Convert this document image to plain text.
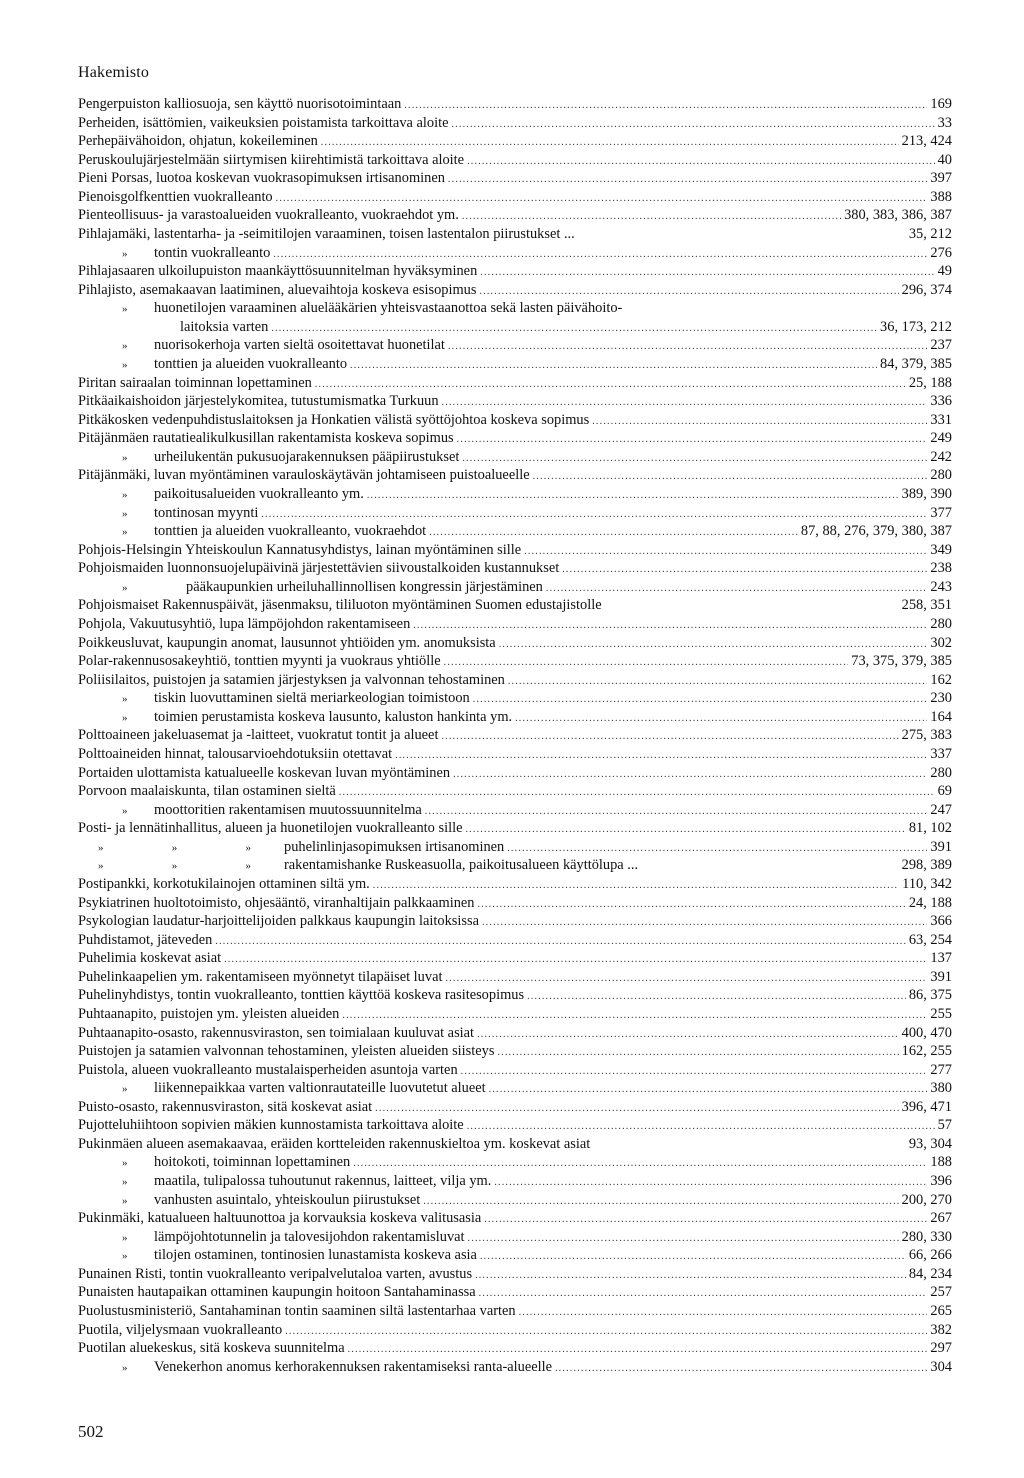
Hakemisto
Pengerpuiston kalliosuoja, sen käyttö nuorisotoimintaan .....	169
Perheiden, isättömien, vaikeuksien poistamista tarkoittava aloite .....	33
Perhepäivähoidon, ohjatun, kokeileminen .....	213, 424
Peruskoulujärjestelmään siirtymisen kiirehtimistä tarkoittava aloite .....	40
Pieni Porsas, luotoa koskevan vuokrasopimuksen irtisanominen .....	397
Pienoisgolfkenttien vuokralleanto .....	388
Pienteollisuus- ja varastoalueiden vuokralleanto, vuokraehdot ym. .....	380, 383, 386, 387
Pihlajamäki, lastentarha- ja -seimitilojen varaaminen, toisen lastentalon piirustukset ...	35, 212
» tontin vuokralleanto .....	276
Pihlajasaaren ulkoilupuiston maankäyttösuunnitelman hyväksyminen .....	49
Pihlajisto, asemakaavan laatiminen, aluevaihtoja koskeva esisopimus .....	296, 374
» huonetilojen varaaminen aluelääkärien yhteisvastaanottoa sekä lasten päivähoito-
laitoksia varten .....	36, 173, 212
» nuorisokerhoja varten sieltä osoitettavat huonetilat .....	237
» tonttien ja alueiden vuokralleanto .....	84, 379, 385
Piritan sairaalan toiminnan lopettaminen .....	25, 188
Pitkäaikaishoidon järjestelykomitea, tutustumismatka Turkuun .....	336
Pitkäkosken vedenpuhdistuslaitoksen ja Honkatien välistä syöttöjohtoa koskeva sopimus .....	331
Pitäjänmäen rautatiealikulkusillan rakentamista koskeva sopimus .....	249
» urheilukentän pukusuojarakennuksen pääpiirustukset .....	242
Pitäjänmäki, luvan myöntäminen varauloskäytävän johtamiseen puistoalueelle .....	280
» paikoitusalueiden vuokralleanto ym. .....	389, 390
» tontinosan myynti .....	377
» tonttien ja alueiden vuokralleanto, vuokraehdot .....	87, 88, 276, 379, 380, 387
Pohjois-Helsingin Yhteiskoulun Kannatusyhdistys, lainan myöntäminen sille .....	349
Pohjoismaiden luonnonsuojelupäivinä järjestettävien siivoustalkoiden kustannukset .....	238
»	pääkaupunkien urheiluhallinnollisen kongressin järjestäminen .....	243
Pohjoismaiset Rakennuspäivät, jäsenmaksu, tililuoton myöntäminen Suomen edustajistolle	258, 351
Pohjola, Vakuutusyhtiö, lupa lämpöjohdon rakentamiseen .....	280
Poikkeusluvat, kaupungin anomat, lausunnot yhtiöiden ym. anomuksista .....	302
Polar-rakennusosakeyhtiö, tonttien myynti ja vuokraus yhtiölle .....	73, 375, 379, 385
Poliisilaitos, puistojen ja satamien järjestyksen ja valvonnan tehostaminen .....	162
» tiskin luovuttaminen sieltä meriarkeologian toimistoon .....	230
» toimien perustamista koskeva lausunto, kaluston hankinta ym. .....	164
Polttoaineen jakeluasemat ja -laitteet, vuokratut tontit ja alueet .....	275, 383
Polttoaineiden hinnat, talousarvioehdotuksiin otettavat .....	337
Portaiden ulottamista katualueelle koskevan luvan myöntäminen .....	280
Porvoon maalaiskunta, tilan ostaminen sieltä .....	69
» moottoritien rakentamisen muutossuunnitelma .....	247
Posti- ja lennätinhallitus, alueen ja huonetilojen vuokralleanto sille .....	81, 102
»   »   » puhelinlinjasopimuksen irtisanominen .....	391
»   »   » rakentamishanke Ruskeasuolla, paikoitusalueen käyttölupa ...	298, 389
Postipankki, korkotukilainojen ottaminen siltä ym. .....	110, 342
Psykiatrinen huoltotoimisto, ohjesääntö, viranhaltijain palkkaaminen .....	24, 188
Psykologian laudatur-harjoittelijoiden palkkaus kaupungin laitoksissa .....	366
Puhdistamot, jäteveden .....	63, 254
Puhelimia koskevat asiat .....	137
Puhelinkaapelien ym. rakentamiseen myönnetyt tilapäiset luvat .....	391
Puhelinyhdistys, tontin vuokralleanto, tonttien käyttöä koskeva rasitesopimus .....	86, 375
Puhtaanapito, puistojen ym. yleisten alueiden .....	255
Puhtaanapito-osasto, rakennusviraston, sen toimialaan kuuluvat asiat .....	400, 470
Puistojen ja satamien valvonnan tehostaminen, yleisten alueiden siisteys .....	162, 255
Puistola, alueen vuokralleanto mustalaisperheiden asuntoja varten .....	277
» liikennepaikkaa varten valtionrautateille luovutetut alueet .....	380
Puisto-osasto, rakennusviraston, sitä koskevat asiat .....	396, 471
Pujotteluhiihtoon sopivien mäkien kunnostamista tarkoittava aloite .....	57
Pukinmäen alueen asemakaavaa, eräiden kortteleiden rakennuskieltoa ym. koskevat asiat	93, 304
» hoitokoti, toiminnan lopettaminen .....	188
» maatila, tulipalossa tuhoutunut rakennus, laitteet, vilja ym. .....	396
» vanhusten asuintalo, yhteiskoulun piirustukset .....	200, 270
Pukinmäki, katualueen haltuunottoa ja korvauksia koskeva valitusasia .....	267
» lämpöjohtotunnelin ja talovesijohdon rakentamisluvat .....	280, 330
» tilojen ostaminen, tontinosien lunastamista koskeva asia .....	66, 266
Punainen Risti, tontin vuokralleanto veripalvelutaloa varten, avustus .....	84, 234
Punaisten hautapaikan ottaminen kaupungin hoitoon Santahaminassa .....	257
Puolustusministeriö, Santahaminan tontin saaminen siltä lastentarhaa varten .....	265
Puotila, viljelysmaan vuokralleanto .....	382
Puotilan aluekeskus, sitä koskeva suunnitelma .....	297
» Venekerhon anomus kerhorakennuksen rakentamiseksi ranta-alueelle .....	304
502
